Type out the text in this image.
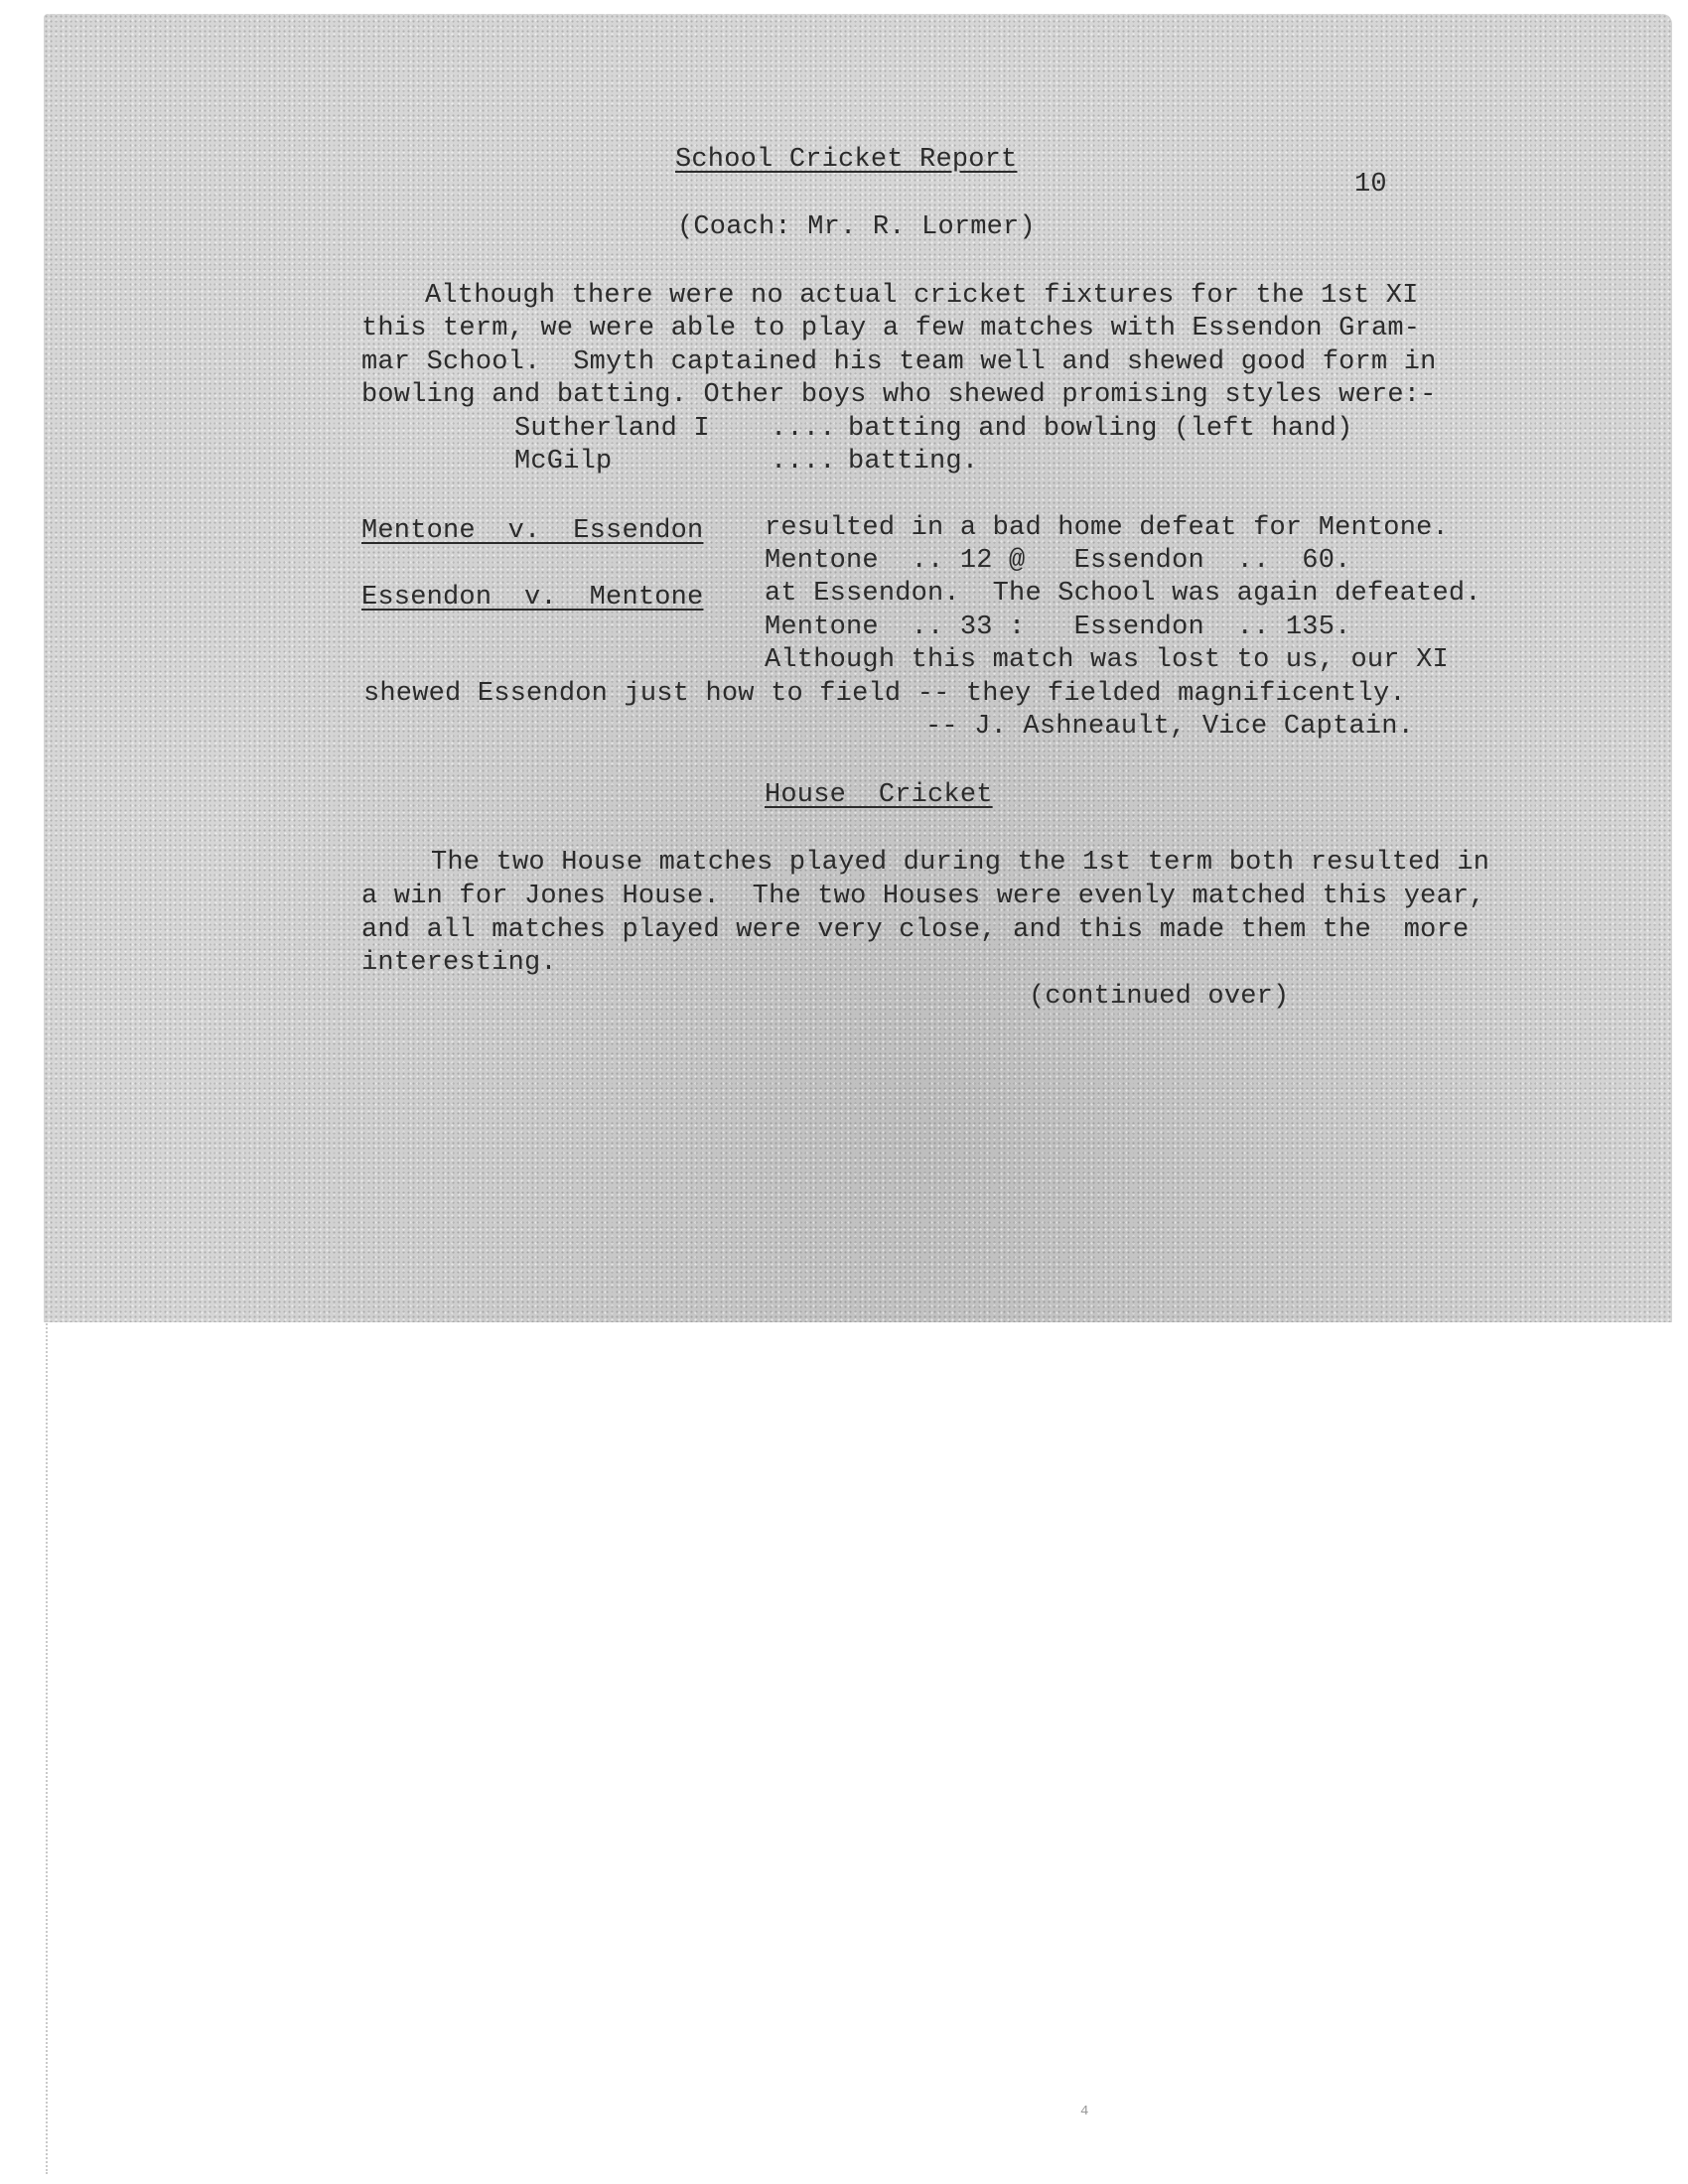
School Cricket Report
10
(Coach: Mr. R. Lormer)
Although there were no actual cricket fixtures for the 1st XI
this term, we were able to play a few matches with Essendon Gram-
mar School.  Smyth captained his team well and shewed good form in
bowling and batting. Other boys who shewed promising styles were:-
Sutherland I .... batting and bowling (left hand)
McGilp	.... batting.
Mentone  v.  Essendon resulted in a bad home defeat for Mentone.
Mentone  .. 12 @   Essendon  ..  60.
Essendon  v.  Mentone at Essendon.  The School was again defeated.
Mentone  .. 33 :   Essendon  .. 135.
Although this match was lost to us, our XI
shewed Essendon just how to field -- they fielded magnificently.
-- J. Ashneault, Vice Captain.
House  Cricket
The two House matches played during the 1st term both resulted in
a win for Jones House.  The two Houses were evenly matched this year,
and all matches played were very close, and this made them the  more
interesting.
(continued over)
4
